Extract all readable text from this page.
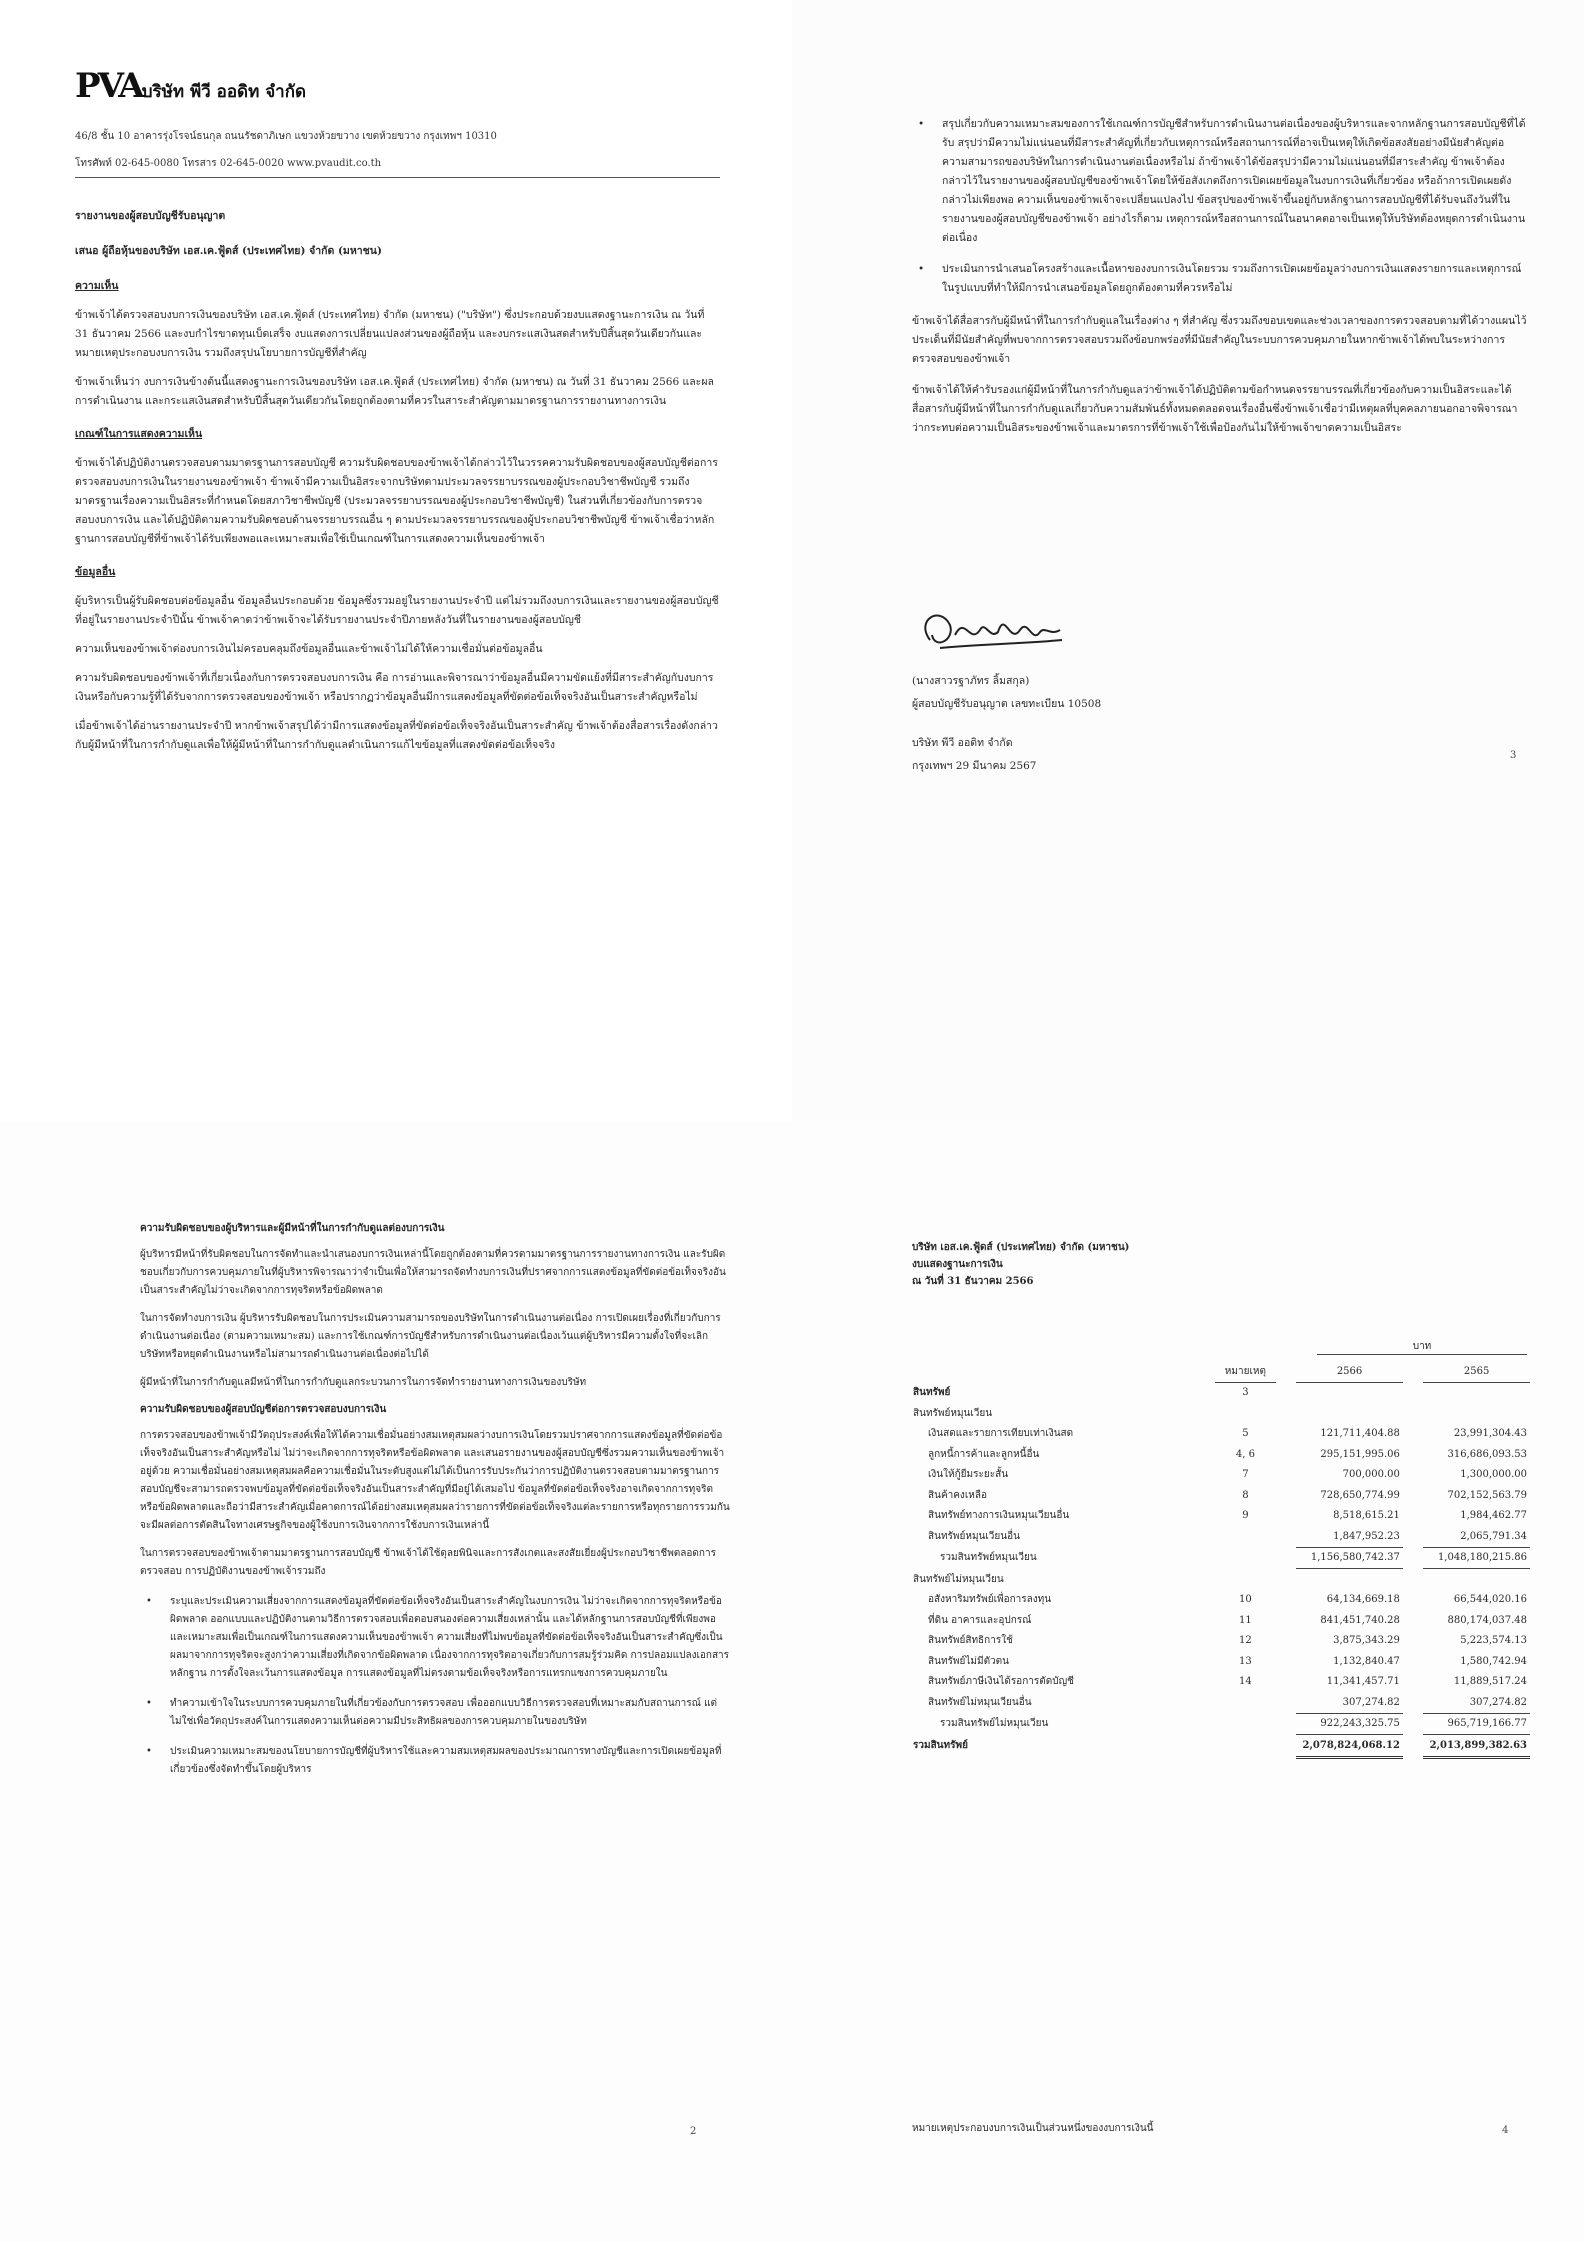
PVAบริษัท พีวี ออดิท จำกัด
46/8 ชั้น 10 อาคารรุ่งโรจน์ธนกุล ถนนรัชดาภิเษก แขวงห้วยขวาง เขตห้วยขวาง กรุงเทพฯ 10310
โทรศัพท์ 02-645-0080 โทรสาร 02-645-0020 www.pvaudit.co.th

รายงานของผู้สอบบัญชีรับอนุญาต

เสนอ ผู้ถือหุ้นของบริษัท เอส.เค.ฟู้ดส์ (ประเทศไทย) จำกัด (มหาชน)

ความเห็น

ข้าพเจ้าได้ตรวจสอบงบการเงินของบริษัท เอส.เค.ฟู้ดส์ (ประเทศไทย) จำกัด (มหาชน) ("บริษัท") ซึ่งประกอบด้วยงบแสดงฐานะการเงิน ณ วันที่ 31 ธันวาคม 2566 และงบกำไรขาดทุนเบ็ดเสร็จ งบแสดงการเปลี่ยนแปลงส่วนของผู้ถือหุ้น และงบกระแสเงินสดสำหรับปีสิ้นสุดวันเดียวกันและหมายเหตุประกอบงบการเงิน รวมถึงสรุปนโยบายการบัญชีที่สำคัญ

ข้าพเจ้าเห็นว่า งบการเงินข้างต้นนี้แสดงฐานะการเงินของบริษัท เอส.เค.ฟู้ดส์ (ประเทศไทย) จำกัด (มหาชน) ณ วันที่ 31 ธันวาคม 2566 และผลการดำเนินงาน และกระแสเงินสดสำหรับปีสิ้นสุดวันเดียวกันโดยถูกต้องตามที่ควรในสาระสำคัญตามมาตรฐานการรายงานทางการเงิน

เกณฑ์ในการแสดงความเห็น

ข้าพเจ้าได้ปฏิบัติงานตรวจสอบตามมาตรฐานการสอบบัญชี ความรับผิดชอบของข้าพเจ้าได้กล่าวไว้ในวรรคความรับผิดชอบของผู้สอบบัญชีต่อการตรวจสอบงบการเงินในรายงานของข้าพเจ้า ข้าพเจ้ามีความเป็นอิสระจากบริษัทตามประมวลจรรยาบรรณของผู้ประกอบวิชาชีพบัญชี รวมถึงมาตรฐานเรื่องความเป็นอิสระที่กำหนดโดยสภาวิชาชีพบัญชี (ประมวลจรรยาบรรณของผู้ประกอบวิชาชีพบัญชี) ในส่วนที่เกี่ยวข้องกับการตรวจสอบงบการเงิน และได้ปฏิบัติตามความรับผิดชอบด้านจรรยาบรรณอื่น ๆ ตามประมวลจรรยาบรรณของผู้ประกอบวิชาชีพบัญชี ข้าพเจ้าเชื่อว่าหลักฐานการสอบบัญชีที่ข้าพเจ้าได้รับเพียงพอและเหมาะสมเพื่อใช้เป็นเกณฑ์ในการแสดงความเห็นของข้าพเจ้า

ข้อมูลอื่น

ผู้บริหารเป็นผู้รับผิดชอบต่อข้อมูลอื่น ข้อมูลอื่นประกอบด้วย ข้อมูลซึ่งรวมอยู่ในรายงานประจำปี แต่ไม่รวมถึงงบการเงินและรายงานของผู้สอบบัญชีที่อยู่ในรายงานประจำปีนั้น ข้าพเจ้าคาดว่าข้าพเจ้าจะได้รับรายงานประจำปีภายหลังวันที่ในรายงานของผู้สอบบัญชี

ความเห็นของข้าพเจ้าต่องบการเงินไม่ครอบคลุมถึงข้อมูลอื่นและข้าพเจ้าไม่ได้ให้ความเชื่อมั่นต่อข้อมูลอื่น

ความรับผิดชอบของข้าพเจ้าที่เกี่ยวเนื่องกับการตรวจสอบงบการเงิน คือ การอ่านและพิจารณาว่าข้อมูลอื่นมีความขัดแย้งที่มีสาระสำคัญกับงบการเงินหรือกับความรู้ที่ได้รับจากการตรวจสอบของข้าพเจ้า หรือปรากฏว่าข้อมูลอื่นมีการแสดงข้อมูลที่ขัดต่อข้อเท็จจริงอันเป็นสาระสำคัญหรือไม่

เมื่อข้าพเจ้าได้อ่านรายงานประจำปี หากข้าพเจ้าสรุปได้ว่ามีการแสดงข้อมูลที่ขัดต่อข้อเท็จจริงอันเป็นสาระสำคัญ ข้าพเจ้าต้องสื่อสารเรื่องดังกล่าวกับผู้มีหน้าที่ในการกำกับดูแลเพื่อให้ผู้มีหน้าที่ในการกำกับดูแลดำเนินการแก้ไขข้อมูลที่แสดงขัดต่อข้อเท็จจริง

• สรุปเกี่ยวกับความเหมาะสมของการใช้เกณฑ์การบัญชีสำหรับการดำเนินงานต่อเนื่องของผู้บริหารและจากหลักฐานการสอบบัญชีที่ได้รับ สรุปว่ามีความไม่แน่นอนที่มีสาระสำคัญที่เกี่ยวกับเหตุการณ์หรือสถานการณ์ที่อาจเป็นเหตุให้เกิดข้อสงสัยอย่างมีนัยสำคัญต่อความสามารถของบริษัทในการดำเนินงานต่อเนื่องหรือไม่ ถ้าข้าพเจ้าได้ข้อสรุปว่ามีความไม่แน่นอนที่มีสาระสำคัญ ข้าพเจ้าต้องกล่าวไว้ในรายงานของผู้สอบบัญชีของข้าพเจ้าโดยให้ข้อสังเกตถึงการเปิดเผยข้อมูลในงบการเงินที่เกี่ยวข้อง หรือถ้าการเปิดเผยดังกล่าวไม่เพียงพอ ความเห็นของข้าพเจ้าจะเปลี่ยนแปลงไป ข้อสรุปของข้าพเจ้าขึ้นอยู่กับหลักฐานการสอบบัญชีที่ได้รับจนถึงวันที่ในรายงานของผู้สอบบัญชีของข้าพเจ้า อย่างไรก็ตาม เหตุการณ์หรือสถานการณ์ในอนาคตอาจเป็นเหตุให้บริษัทต้องหยุดการดำเนินงานต่อเนื่อง
• ประเมินการนำเสนอโครงสร้างและเนื้อหาของงบการเงินโดยรวม รวมถึงการเปิดเผยข้อมูลว่างบการเงินแสดงรายการและเหตุการณ์ในรูปแบบที่ทำให้มีการนำเสนอข้อมูลโดยถูกต้องตามที่ควรหรือไม่

ข้าพเจ้าได้สื่อสารกับผู้มีหน้าที่ในการกำกับดูแลในเรื่องต่าง ๆ ที่สำคัญ ซึ่งรวมถึงขอบเขตและช่วงเวลาของการตรวจสอบตามที่ได้วางแผนไว้ ประเด็นที่มีนัยสำคัญที่พบจากการตรวจสอบรวมถึงข้อบกพร่องที่มีนัยสำคัญในระบบการควบคุมภายในหากข้าพเจ้าได้พบในระหว่างการตรวจสอบของข้าพเจ้า

ข้าพเจ้าได้ให้คำรับรองแก่ผู้มีหน้าที่ในการกำกับดูแลว่าข้าพเจ้าได้ปฏิบัติตามข้อกำหนดจรรยาบรรณที่เกี่ยวข้องกับความเป็นอิสระและได้สื่อสารกับผู้มีหน้าที่ในการกำกับดูแลเกี่ยวกับความสัมพันธ์ทั้งหมดตลอดจนเรื่องอื่นซึ่งข้าพเจ้าเชื่อว่ามีเหตุผลที่บุคคลภายนอกอาจพิจารณาว่ากระทบต่อความเป็นอิสระของข้าพเจ้าและมาตรการที่ข้าพเจ้าใช้เพื่อป้องกันไม่ให้ข้าพเจ้าขาดความเป็นอิสระ

(นางสาวรฐาภัทร ลิ้มสกุล)

ผู้สอบบัญชีรับอนุญาต เลขทะเบียน 10508

บริษัท พีวี ออดิท จำกัด

กรุงเทพฯ 29 มีนาคม 2567

3

ความรับผิดชอบของผู้บริหารและผู้มีหน้าที่ในการกำกับดูแลต่องบการเงิน

ผู้บริหารมีหน้าที่รับผิดชอบในการจัดทำและนำเสนองบการเงินเหล่านี้โดยถูกต้องตามที่ควรตามมาตรฐานการรายงานทางการเงิน และรับผิดชอบเกี่ยวกับการควบคุมภายในที่ผู้บริหารพิจารณาว่าจำเป็นเพื่อให้สามารถจัดทำงบการเงินที่ปราศจากการแสดงข้อมูลที่ขัดต่อข้อเท็จจริงอันเป็นสาระสำคัญไม่ว่าจะเกิดจากการทุจริตหรือข้อผิดพลาด

ในการจัดทำงบการเงิน ผู้บริหารรับผิดชอบในการประเมินความสามารถของบริษัทในการดำเนินงานต่อเนื่อง การเปิดเผยเรื่องที่เกี่ยวกับการดำเนินงานต่อเนื่อง (ตามความเหมาะสม) และการใช้เกณฑ์การบัญชีสำหรับการดำเนินงานต่อเนื่องเว้นแต่ผู้บริหารมีความตั้งใจที่จะเลิกบริษัทหรือหยุดดำเนินงานหรือไม่สามารถดำเนินงานต่อเนื่องต่อไปได้

ผู้มีหน้าที่ในการกำกับดูแลมีหน้าที่ในการกำกับดูแลกระบวนการในการจัดทำรายงานทางการเงินของบริษัท

ความรับผิดชอบของผู้สอบบัญชีต่อการตรวจสอบงบการเงิน

การตรวจสอบของข้าพเจ้ามีวัตถุประสงค์เพื่อให้ได้ความเชื่อมั่นอย่างสมเหตุสมผลว่างบการเงินโดยรวมปราศจากการแสดงข้อมูลที่ขัดต่อข้อเท็จจริงอันเป็นสาระสำคัญหรือไม่ ไม่ว่าจะเกิดจากการทุจริตหรือข้อผิดพลาด และเสนอรายงานของผู้สอบบัญชีซึ่งรวมความเห็นของข้าพเจ้าอยู่ด้วย ความเชื่อมั่นอย่างสมเหตุสมผลคือความเชื่อมั่นในระดับสูงแต่ไม่ได้เป็นการรับประกันว่าการปฏิบัติงานตรวจสอบตามมาตรฐานการสอบบัญชีจะสามารถตรวจพบข้อมูลที่ขัดต่อข้อเท็จจริงอันเป็นสาระสำคัญที่มีอยู่ได้เสมอไป ข้อมูลที่ขัดต่อข้อเท็จจริงอาจเกิดจากการทุจริตหรือข้อผิดพลาดและถือว่ามีสาระสำคัญเมื่อคาดการณ์ได้อย่างสมเหตุสมผลว่ารายการที่ขัดต่อข้อเท็จจริงแต่ละรายการหรือทุกรายการรวมกันจะมีผลต่อการตัดสินใจทางเศรษฐกิจของผู้ใช้งบการเงินจากการใช้งบการเงินเหล่านี้

ในการตรวจสอบของข้าพเจ้าตามมาตรฐานการสอบบัญชี ข้าพเจ้าได้ใช้ดุลยพินิจและการสังเกตและสงสัยเยี่ยงผู้ประกอบวิชาชีพตลอดการตรวจสอบ การปฏิบัติงานของข้าพเจ้ารวมถึง

• ระบุและประเมินความเสี่ยงจากการแสดงข้อมูลที่ขัดต่อข้อเท็จจริงอันเป็นสาระสำคัญในงบการเงิน ไม่ว่าจะเกิดจากการทุจริตหรือข้อผิดพลาด ออกแบบและปฏิบัติงานตามวิธีการตรวจสอบเพื่อตอบสนองต่อความเสี่ยงเหล่านั้น และได้หลักฐานการสอบบัญชีที่เพียงพอและเหมาะสมเพื่อเป็นเกณฑ์ในการแสดงความเห็นของข้าพเจ้า ความเสี่ยงที่ไม่พบข้อมูลที่ขัดต่อข้อเท็จจริงอันเป็นสาระสำคัญซึ่งเป็นผลมาจากการทุจริตจะสูงกว่าความเสี่ยงที่เกิดจากข้อผิดพลาด เนื่องจากการทุจริตอาจเกี่ยวกับการสมรู้ร่วมคิด การปลอมแปลงเอกสารหลักฐาน การตั้งใจละเว้นการแสดงข้อมูล การแสดงข้อมูลที่ไม่ตรงตามข้อเท็จจริงหรือการแทรกแซงการควบคุมภายใน
• ทำความเข้าใจในระบบการควบคุมภายในที่เกี่ยวข้องกับการตรวจสอบ เพื่อออกแบบวิธีการตรวจสอบที่เหมาะสมกับสถานการณ์ แต่ไม่ใช่เพื่อวัตถุประสงค์ในการแสดงความเห็นต่อความมีประสิทธิผลของการควบคุมภายในของบริษัท
• ประเมินความเหมาะสมของนโยบายการบัญชีที่ผู้บริหารใช้และความสมเหตุสมผลของประมาณการทางบัญชีและการเปิดเผยข้อมูลที่เกี่ยวข้องซึ่งจัดทำขึ้นโดยผู้บริหาร
2

บริษัท เอส.เค.ฟู้ดส์ (ประเทศไทย) จำกัด (มหาชน)

งบแสดงฐานะการเงิน

ณ วันที่ 31 ธันวาคม 2566

บาท
	หมายเหตุ		2566		2565
สินทรัพย์	3				
สินทรัพย์หมุนเวียน					
เงินสดและรายการเทียบเท่าเงินสด	5		121,711,404.88		23,991,304.43
ลูกหนี้การค้าและลูกหนี้อื่น	4, 6		295,151,995.06		316,686,093.53
เงินให้กู้ยืมระยะสั้น	7		700,000.00		1,300,000.00
สินค้าคงเหลือ	8		728,650,774.99		702,152,563.79
สินทรัพย์ทางการเงินหมุนเวียนอื่น	9		8,518,615.21		1,984,462.77
สินทรัพย์หมุนเวียนอื่น			1,847,952.23		2,065,791.34
รวมสินทรัพย์หมุนเวียน			1,156,580,742.37		1,048,180,215.86
สินทรัพย์ไม่หมุนเวียน					
อสังหาริมทรัพย์เพื่อการลงทุน	10		64,134,669.18		66,544,020.16
ที่ดิน อาคารและอุปกรณ์	11		841,451,740.28		880,174,037.48
สินทรัพย์สิทธิการใช้	12		3,875,343.29		5,223,574.13
สินทรัพย์ไม่มีตัวตน	13		1,132,840.47		1,580,742.94
สินทรัพย์ภาษีเงินได้รอการตัดบัญชี	14		11,341,457.71		11,889,517.24
สินทรัพย์ไม่หมุนเวียนอื่น			307,274.82		307,274.82
รวมสินทรัพย์ไม่หมุนเวียน			922,243,325.75		965,719,166.77
รวมสินทรัพย์			2,078,824,068.12		2,013,899,382.63
หมายเหตุประกอบงบการเงินเป็นส่วนหนึ่งของงบการเงินนี้	4
